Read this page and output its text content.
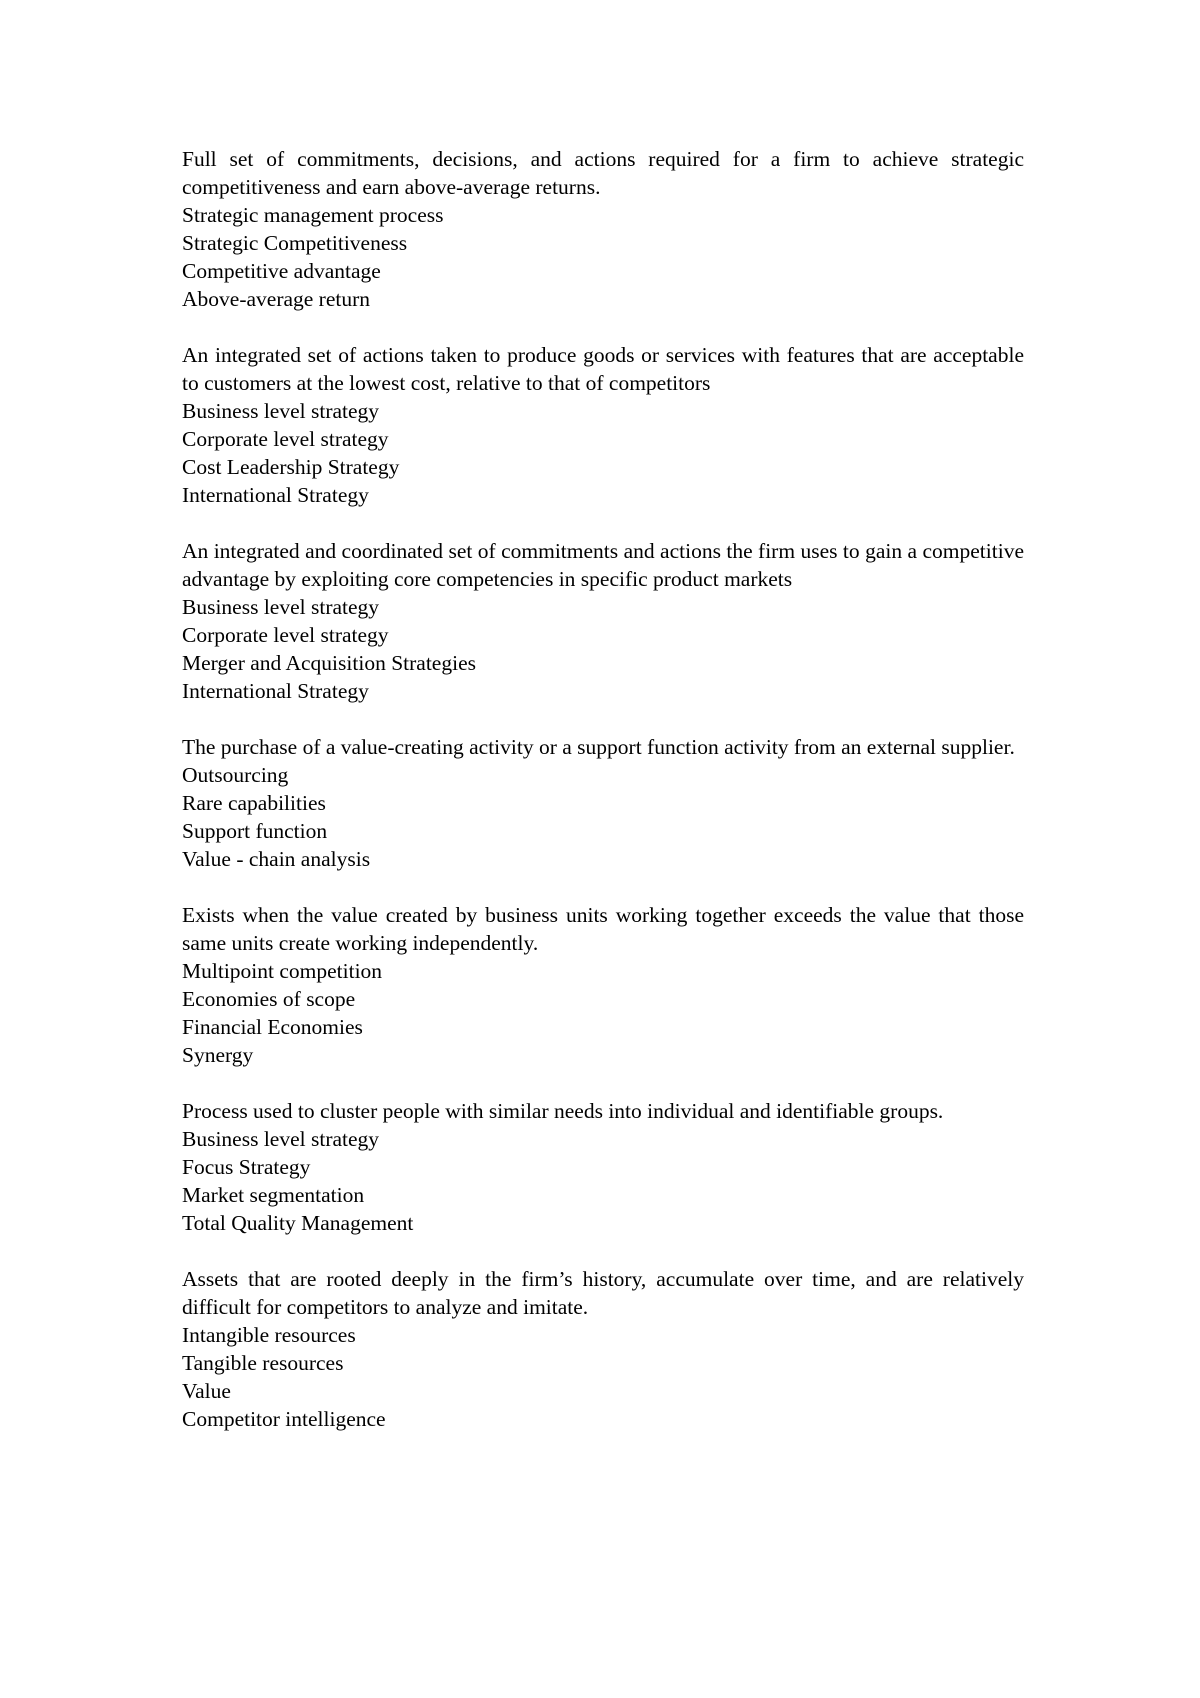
Full set of commitments, decisions, and actions required for a firm to achieve strategic competitiveness and earn above-average returns.

Strategic management process
Strategic Competitiveness
Competitive advantage
Above-average return

An integrated set of actions taken to produce goods or services with features that are acceptable to customers at the lowest cost, relative to that of competitors

Business level strategy
Corporate level strategy
Cost Leadership Strategy
International Strategy

An integrated and coordinated set of commitments and actions the firm uses to gain a competitive advantage by exploiting core competencies in specific product markets

Business level strategy
Corporate level strategy
Merger and Acquisition Strategies
International Strategy

The purchase of a value-creating activity or a support function activity from an external supplier.

Outsourcing
Rare capabilities
Support function
Value - chain analysis

Exists when the value created by business units working together exceeds the value that those same units create working independently.

Multipoint competition
Economies of scope
Financial Economies
Synergy

Process used to cluster people with similar needs into individual and identifiable groups.

Business level strategy
Focus Strategy
Market segmentation
Total Quality Management

Assets that are rooted deeply in the firm’s history, accumulate over time, and are relatively difficult for competitors to analyze and imitate.

Intangible resources
Tangible resources
Value
Competitor intelligence
